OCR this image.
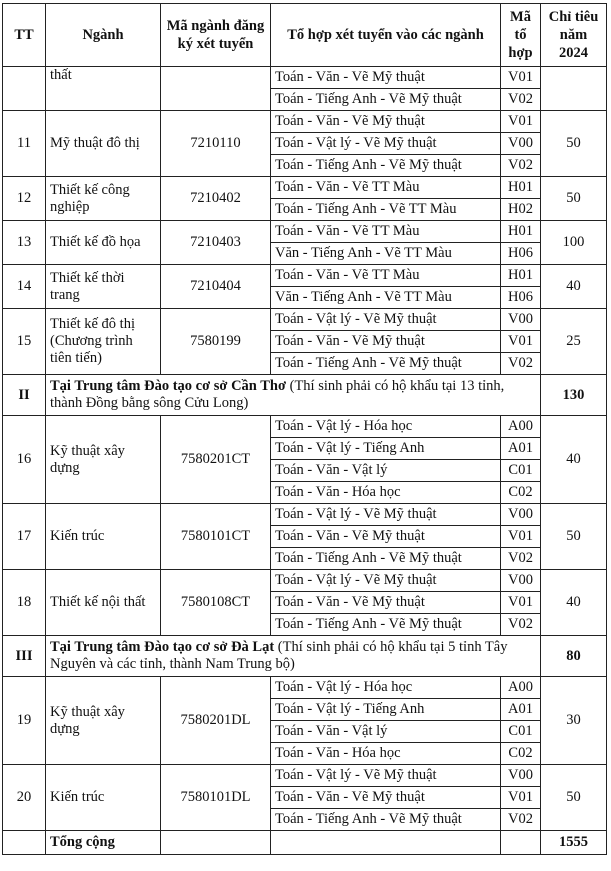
TT	Ngành	Mã ngành đăng ký xét tuyển	Tổ hợp xét tuyển vào các ngành	Mã tổ hợp	Chỉ tiêu năm 2024
	thất		Toán - Văn - Vẽ Mỹ thuật	V01	
			Toán - Tiếng Anh - Vẽ Mỹ thuật	V02	
11	Mỹ thuật đô thị	7210110	Toán - Văn - Vẽ Mỹ thuật	V01	50
			Toán - Vật lý - Vẽ Mỹ thuật	V00	
			Toán - Tiếng Anh - Vẽ Mỹ thuật	V02	
12	Thiết kế công nghiệp	7210402	Toán - Văn - Vẽ TT Màu	H01	50
			Toán - Tiếng Anh - Vẽ TT Màu	H02	
13	Thiết kế đồ họa	7210403	Toán - Văn - Vẽ TT Màu	H01	100
			Văn - Tiếng Anh - Vẽ TT Màu	H06	
14	Thiết kế thời trang	7210404	Toán - Văn - Vẽ TT Màu	H01	40
			Văn - Tiếng Anh - Vẽ TT Màu	H06	
15	Thiết kế đô thị (Chương trình tiên tiến)	7580199	Toán - Vật lý - Vẽ Mỹ thuật	V00	25
			Toán - Văn - Vẽ Mỹ thuật	V01	
			Toán - Tiếng Anh - Vẽ Mỹ thuật	V02	
II	Tại Trung tâm Đào tạo cơ sở Cần Thơ (Thí sinh phải có hộ khẩu tại 13 tỉnh, thành Đồng bằng sông Cửu Long)				130
16	Kỹ thuật xây dựng	7580201CT	Toán - Vật lý - Hóa học	A00	40
			Toán - Vật lý - Tiếng Anh	A01	
			Toán - Văn - Vật lý	C01	
			Toán - Văn - Hóa học	C02	
17	Kiến trúc	7580101CT	Toán - Vật lý - Vẽ Mỹ thuật	V00	50
			Toán - Văn - Vẽ Mỹ thuật	V01	
			Toán - Tiếng Anh - Vẽ Mỹ thuật	V02	
18	Thiết kế nội thất	7580108CT	Toán - Vật lý - Vẽ Mỹ thuật	V00	40
			Toán - Văn - Vẽ Mỹ thuật	V01	
			Toán - Tiếng Anh - Vẽ Mỹ thuật	V02	
III	Tại Trung tâm Đào tạo cơ sở Đà Lạt (Thí sinh phải có hộ khẩu tại 5 tỉnh Tây Nguyên và các tỉnh, thành Nam Trung bộ)				80
19	Kỹ thuật xây dựng	7580201DL	Toán - Vật lý - Hóa học	A00	30
			Toán - Vật lý - Tiếng Anh	A01	
			Toán - Văn - Vật lý	C01	
			Toán - Văn - Hóa học	C02	
20	Kiến trúc	7580101DL	Toán - Vật lý - Vẽ Mỹ thuật	V00	50
			Toán - Văn - Vẽ Mỹ thuật	V01	
			Toán - Tiếng Anh - Vẽ Mỹ thuật	V02	
	Tổng cộng				1555
